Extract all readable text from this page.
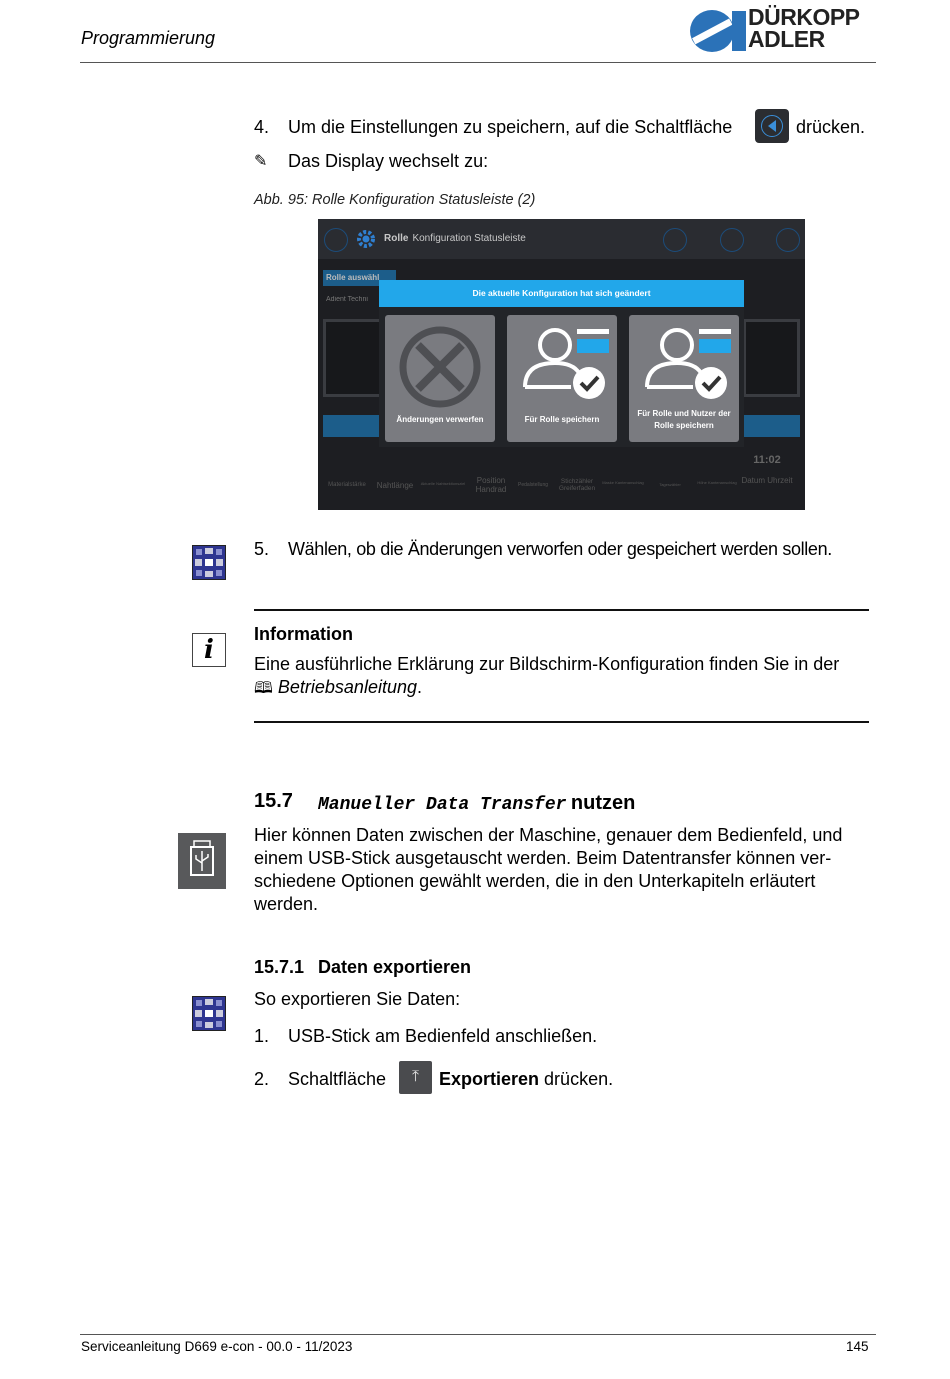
Programmierung
DÜRKOPP
ADLER
4. Um die Einstellungen zu speichern, auf die Schaltfläche	drücken.
✎ Das Display wechselt zu:
Abb. 95: Rolle Konfiguration Statusleiste (2)
Rolle Konfiguration Statusleiste
Rolle auswähl
Adient Techni
Die aktuelle Konfiguration hat sich geändert
Änderungen verwerfen	Für Rolle speichern
Für Rolle und Nutzer der Rolle speichern
Materialstärke	Nahtlänge	Aktuelle Nahtsektionsziel	Position Handrad	Pedalstellung	Stichzähler Greiferfaden
Maske Kantenanschlag	Tageszähler	Höhe Kantenanschlag
11:02
Datum Uhrzeit
5. Wählen, ob die Änderungen verworfen oder gespeichert werden sollen.
i
Information
Eine ausführliche Erklärung zur Bildschirm-Konfiguration finden Sie in der
🕮 Betriebsanleitung.
15.7 Manueller Data Transfer nutzen
Hier können Daten zwischen der Maschine, genauer dem Bedienfeld, und
einem USB-Stick ausgetauscht werden. Beim Datentransfer können ver-
schiedene Optionen gewählt werden, die in den Unterkapiteln erläutert
werden.
15.7.1 Daten exportieren
So exportieren Sie Daten:
1. USB-Stick am Bedienfeld anschließen.
2. Schaltfläche	⤒	Exportieren drücken.
Serviceanleitung D669 e-con - 00.0 - 11/2023	145
